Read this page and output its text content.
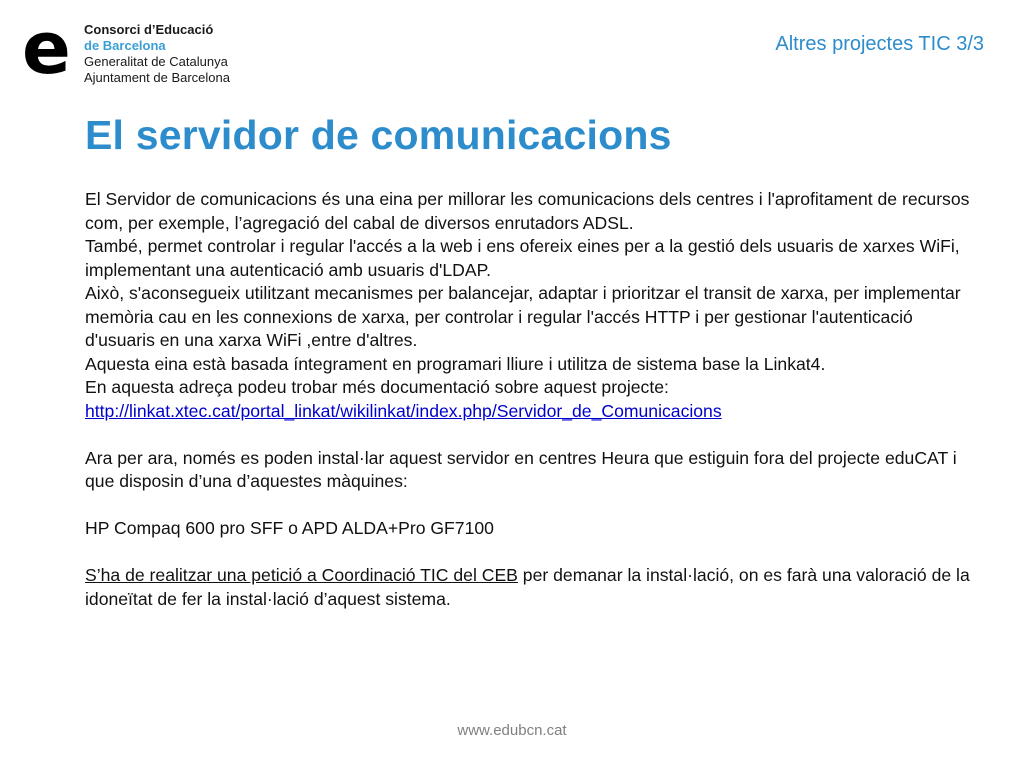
e Consorci d’Educació
de Barcelona
Generalitat de Catalunya
Ajuntament de Barcelona
Altres projectes TIC 3/3
El servidor de comunicacions

El Servidor de comunicacions és una eina per millorar les comunicacions dels centres i l'aprofitament de recursos com, per exemple, l’agregació del cabal de diversos enrutadors ADSL.

També, permet controlar i regular l'accés a la web i ens ofereix eines per a la gestió dels usuaris de xarxes WiFi, implementant una autenticació amb usuaris d'LDAP.

Això, s'aconsegueix utilitzant mecanismes per balancejar, adaptar i prioritzar el transit de xarxa, per implementar memòria cau en les connexions de xarxa, per controlar i regular l'accés HTTP i per gestionar l'autenticació d'usuaris en una xarxa WiFi ,entre d'altres.

Aquesta eina està basada íntegrament en programari lliure i utilitza de sistema base la Linkat4.

En aquesta adreça podeu trobar més documentació sobre aquest projecte:

http://linkat.xtec.cat/portal_linkat/wikilinkat/index.php/Servidor_de_Comunicacions

Ara per ara, només es poden instal·lar aquest servidor en centres Heura que estiguin fora del projecte eduCAT i que disposin d’una d’aquestes màquines:

HP Compaq 600 pro SFF o APD ALDA+Pro GF7100

S’ha de realitzar una petició a Coordinació TIC del CEB per demanar la instal·lació, on es farà una valoració de la idoneïtat de fer la instal·lació d’aquest sistema.

www.edubcn.cat
